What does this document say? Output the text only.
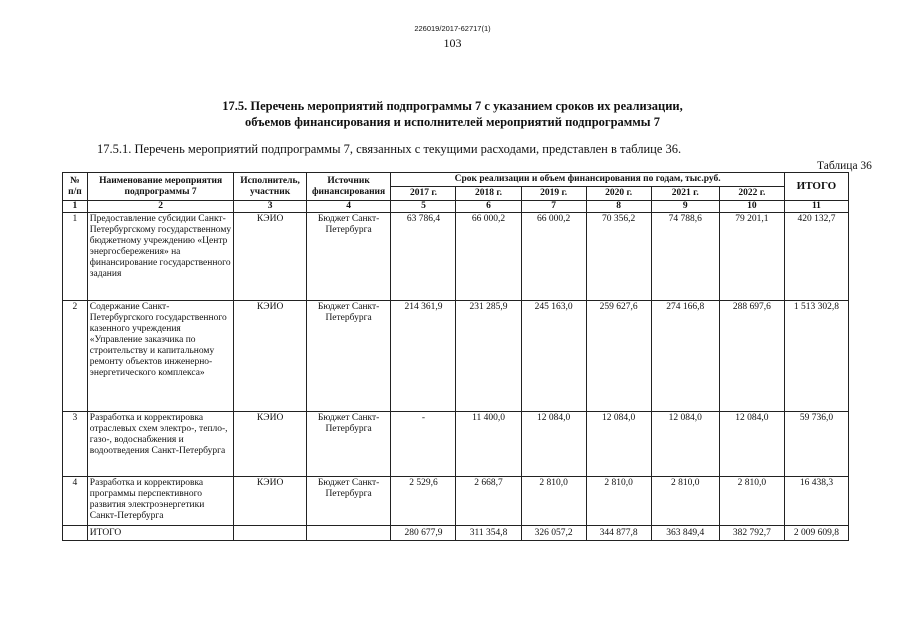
226019/2017-62717(1)
103
17.5. Перечень мероприятий подпрограммы 7 с указанием сроков их реализации,
объемов финансирования и исполнителей мероприятий подпрограммы 7
17.5.1. Перечень мероприятий подпрограммы 7, связанных с текущими расходами, представлен в таблице 36.
Таблица 36
№ п/п	Наименование мероприятия подпрограммы 7	Исполнитель, участник	Источник финансирования	Срок реализации и объем финансирования по годам, тыс.руб.						ИТОГО
				2017 г.	2018 г.	2019 г.	2020 г.	2021 г.	2022 г.	
1	2	3	4	5	6	7	8	9	10	11
1	Предоставление субсидии Санкт-Петербургскому государственному бюджетному учреждению «Центр энергосбережения» на финансирование государственного задания	КЭИО	Бюджет Санкт-Петербурга	63 786,4	66 000,2	66 000,2	70 356,2	74 788,6	79 201,1	420 132,7
2	Содержание Санкт-Петербургского государственного казенного учреждения «Управление заказчика по строительству и капитальному ремонту объектов инженерно-энергетического комплекса»	КЭИО	Бюджет Санкт-Петербурга	214 361,9	231 285,9	245 163,0	259 627,6	274 166,8	288 697,6	1 513 302,8
3	Разработка и корректировка отраслевых схем электро-, тепло-, газо-, водоснабжения и водоотведения Санкт-Петербурга	КЭИО	Бюджет Санкт-Петербурга	-	11 400,0	12 084,0	12 084,0	12 084,0	12 084,0	59 736,0
4	Разработка и корректировка программы перспективного развития электроэнергетики Санкт-Петербурга	КЭИО	Бюджет Санкт-Петербурга	2 529,6	2 668,7	2 810,0	2 810,0	2 810,0	2 810,0	16 438,3
	ИТОГО			280 677,9	311 354,8	326 057,2	344 877,8	363 849,4	382 792,7	2 009 609,8
